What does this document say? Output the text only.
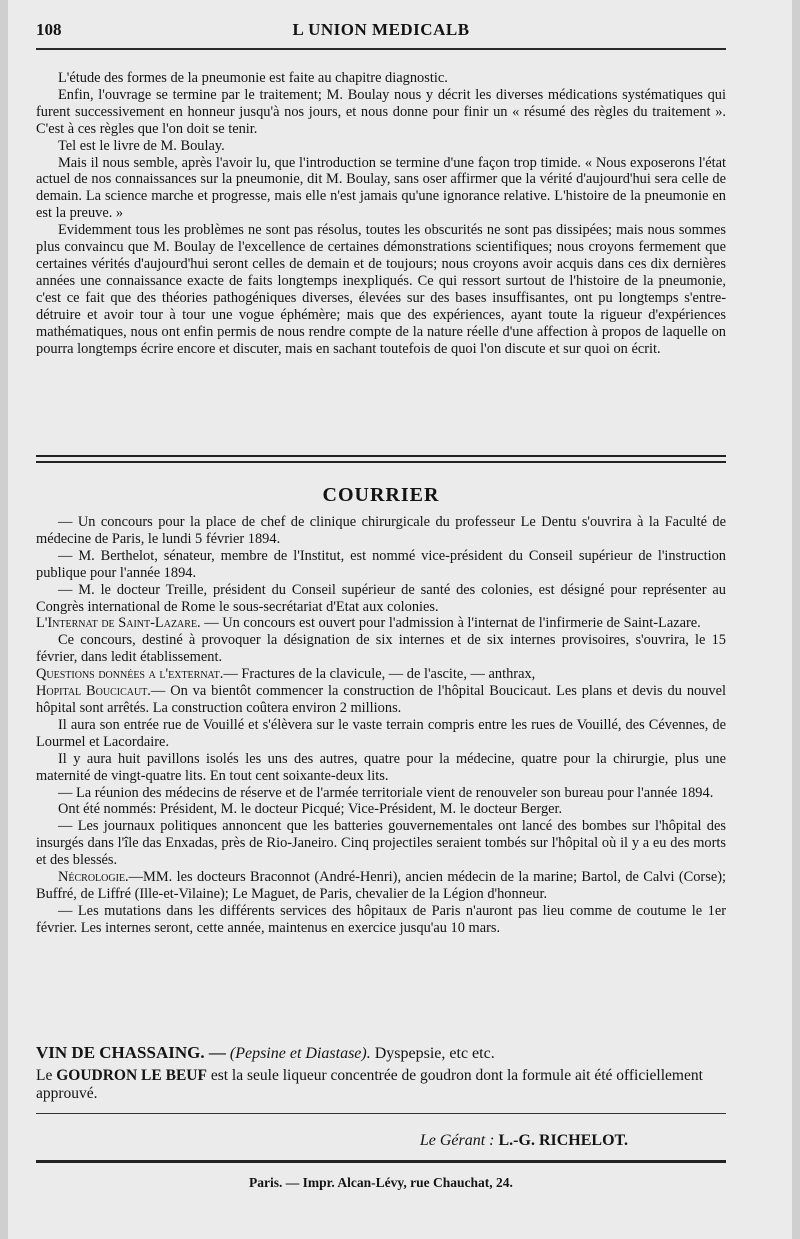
108	L UNION MEDICALB

L'étude des formes de la pneumonie est faite au chapitre diagnostic.

Enfin, l'ouvrage se termine par le traitement; M. Boulay nous y décrit les diverses médications systématiques qui furent successivement en honneur jusqu'à nos jours, et nous donne pour finir un « résumé des règles du traitement ». C'est à ces règles que l'on doit se tenir.

Tel est le livre de M. Boulay.

Mais il nous semble, après l'avoir lu, que l'introduction se termine d'une façon trop timide. « Nous exposerons l'état actuel de nos connaissances sur la pneumonie, dit M. Boulay, sans oser affirmer que la vérité d'aujourd'hui sera celle de demain. La science marche et progresse, mais elle n'est jamais qu'une ignorance relative. L'histoire de la pneumonie en est la preuve. »

Evidemment tous les problèmes ne sont pas résolus, toutes les obscurités ne sont pas dissipées; mais nous sommes plus convaincu que M. Boulay de l'excellence de certaines démonstrations scientifiques; nous croyons fermement que certaines vérités d'aujourd'hui seront celles de demain et de toujours; nous croyons avoir acquis dans ces dix dernières années une connaissance exacte de faits longtemps inexpliqués. Ce qui ressort surtout de l'histoire de la pneumonie, c'est ce fait que des théories pathogéniques diverses, élevées sur des bases insuffisantes, ont pu longtemps s'entre-détruire et avoir tour à tour une vogue éphémère; mais que des expériences, ayant toute la rigueur d'expériences mathématiques, nous ont enfin permis de nous rendre compte de la nature réelle d'une affection à propos de laquelle on pourra longtemps écrire encore et discuter, mais en sachant toutefois de quoi l'on discute et sur quoi on écrit.

COURRIER

— Un concours pour la place de chef de clinique chirurgicale du professeur Le Dentu s'ouvrira à la Faculté de médecine de Paris, le lundi 5 février 1894.

— M. Berthelot, sénateur, membre de l'Institut, est nommé vice-président du Conseil supérieur de l'instruction publique pour l'année 1894.

— M. le docteur Treille, président du Conseil supérieur de santé des colonies, est désigné pour représenter au Congrès international de Rome le sous-secrétariat d'Etat aux colonies.

L'Internat de Saint-Lazare. — Un concours est ouvert pour l'admission à l'internat de l'infirmerie de Saint-Lazare.

Ce concours, destiné à provoquer la désignation de six internes et de six internes provisoires, s'ouvrira, le 15 février, dans ledit établissement.

Questions données a l'externat.— Fractures de la clavicule, — de l'ascite, — anthrax,

Hopital Boucicaut.— On va bientôt commencer la construction de l'hôpital Boucicaut. Les plans et devis du nouvel hôpital sont arrêtés. La construction coûtera environ 2 millions.

Il aura son entrée rue de Vouillé et s'élèvera sur le vaste terrain compris entre les rues de Vouillé, des Cévennes, de Lourmel et Lacordaire.

Il y aura huit pavillons isolés les uns des autres, quatre pour la médecine, quatre pour la chirurgie, plus une maternité de vingt-quatre lits. En tout cent soixante-deux lits.

— La réunion des médecins de réserve et de l'armée territoriale vient de renouveler son bureau pour l'année 1894.

Ont été nommés: Président, M. le docteur Picqué; Vice-Président, M. le docteur Berger.

— Les journaux politiques annoncent que les batteries gouvernementales ont lancé des bombes sur l'hôpital des insurgés dans l'île das Enxadas, près de Rio-Janeiro. Cinq projectiles seraient tombés sur l'hôpital où il y a eu des morts et des blessés.

Nécrologie.—MM. les docteurs Braconnot (André-Henri), ancien médecin de la marine; Bartol, de Calvi (Corse); Buffré, de Liffré (Ille-et-Vilaine); Le Maguet, de Paris, chevalier de la Légion d'honneur.

— Les mutations dans les différents services des hôpitaux de Paris n'auront pas lieu comme de coutume le 1er février. Les internes seront, cette année, maintenus en exercice jusqu'au 10 mars.

VIN DE CHASSAING. — (Pepsine et Diastase). Dyspepsie, etc etc.
Le GOUDRON LE BEUF est la seule liqueur concentrée de goudron dont la formule ait été officiellement approuvé.
Le Gérant : L.-G. RICHELOT.
Paris. — Impr. Alcan-Lévy, rue Chauchat, 24.
